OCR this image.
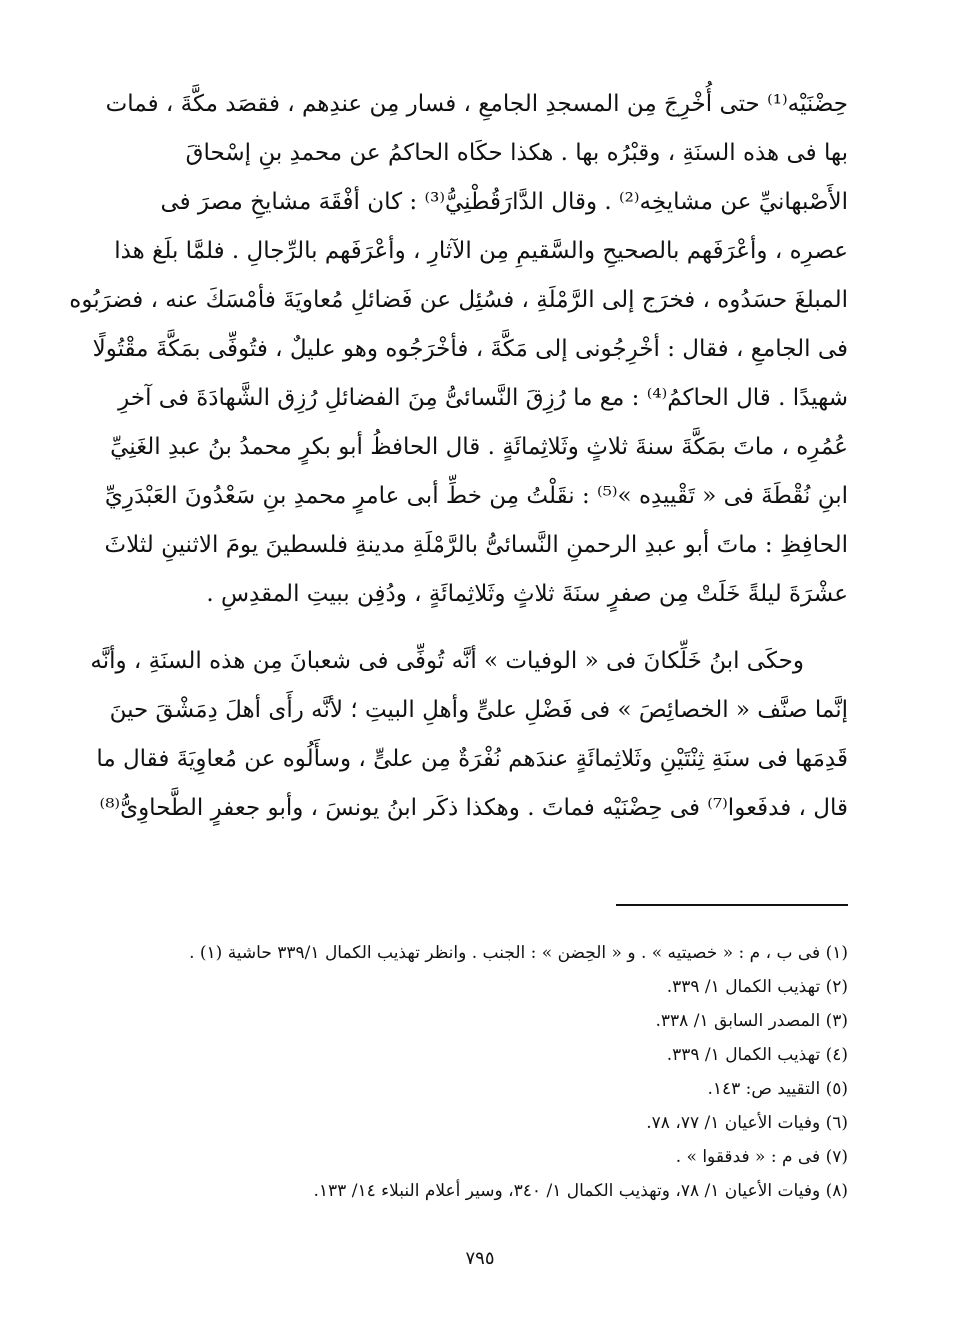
حِضْنَيْه⁽¹⁾ حتى أُخْرِجَ مِن المسجدِ الجامعِ ، فسار مِن عندِهم ، فقصَد مكَّةَ ، فمات
بها فى هذه السنَةِ ، وقبْرُه بها . هكذا حكَاه الحاكمُ عن محمدِ بنِ إسْحاقَ
الأَصْبهانيِّ عن مشايخِه⁽²⁾ . وقال الدَّارَقُطْنِيُّ⁽³⁾ : كان أفْقَهَ مشايخِ مصرَ فى
عصرِه ، وأعْرَفَهم بالصحيحِ والسَّقيمِ مِن الآثارِ ، وأعْرَفَهم بالرِّجالِ . فلمَّا بلَغ هذا
المبلغَ حسَدُوه ، فخرَج إلى الرَّمْلَةِ ، فسُئِل عن فَضائلِ مُعاويَةَ فأمْسَكَ عنه ، فضرَبُوه
فى الجامعِ ، فقال : أخْرِجُونى إلى مَكَّةَ ، فأخْرَجُوه وهو عليلٌ ، فتُوفِّى بمَكَّةَ مقْتُولًا
شهيدًا . قال الحاكمُ⁽⁴⁾ : مع ما رُزِقَ النَّسائىُّ مِنَ الفضائلِ رُزِق الشَّهادَةَ فى آخرِ
عُمُرِه ، ماتَ بمَكَّةَ سنةَ ثلاثٍ وثَلاثِمائَةٍ . قال الحافظُ أبو بكرٍ محمدُ بنُ عبدِ الغَنِيِّ
ابنِ نُقْطَةَ فى « تَقْييدِه »⁽⁵⁾ : نقَلْتُ مِن خطِّ أبى عامرٍ محمدِ بنِ سَعْدُونَ العَبْدَرِيِّ
الحافِظِ : ماتَ أبو عبدِ الرحمنِ النَّسائىُّ بالرَّمْلَةِ مدينةِ فلسطينَ يومَ الاثنينِ لثلاثَ
عشْرَةَ ليلةً خَلَتْ مِن صفرٍ سنَةَ ثلاثٍ وثَلاثِمائَةٍ ، ودُفِن ببيتِ المقدِسِ .
وحكَى ابنُ خَلِّكانَ فى « الوفيات » أنَّه تُوفِّى فى شعبانَ مِن هذه السنَةِ ، وأنَّه
إنَّما صنَّف « الخصائِصَ » فى فَضْلِ علىٍّ وأهلِ البيتِ ؛ لأنَّه رأَى أهلَ دِمَشْقَ حينَ
قَدِمَها فى سنَةِ ثِنْتَيْنِ وثَلاثِمائَةٍ عندَهم نُفْرَةٌ مِن علىٍّ ، وسأَلُوه عن مُعاوِيَةَ فقال ما
قال ، فدفَعوا⁽⁷⁾ فى حِضْنَيْه فماتَ . وهكذا ذكَر ابنُ يونسَ ، وأبو جعفرٍ الطَّحاوِىُّ⁽⁸⁾
(١) فى ب ، م : « خصيتيه » . و « الحِضن » : الجنب . وانظر تهذيب الكمال ٣٣٩/١ حاشية (١) .
(٢) تهذيب الكمال ١/ ٣٣٩.
(٣) المصدر السابق ١/ ٣٣٨.
(٤) تهذيب الكمال ١/ ٣٣٩.
(٥) التقييد ص: ١٤٣.
(٦) وفيات الأعيان ١/ ٧٧، ٧٨.
(٧) فى م : « فدققوا » .
(٨) وفيات الأعيان ١/ ٧٨، وتهذيب الكمال ١/ ٣٤٠، وسير أعلام النبلاء ١٤/ ١٣٣.
٧٩٥
